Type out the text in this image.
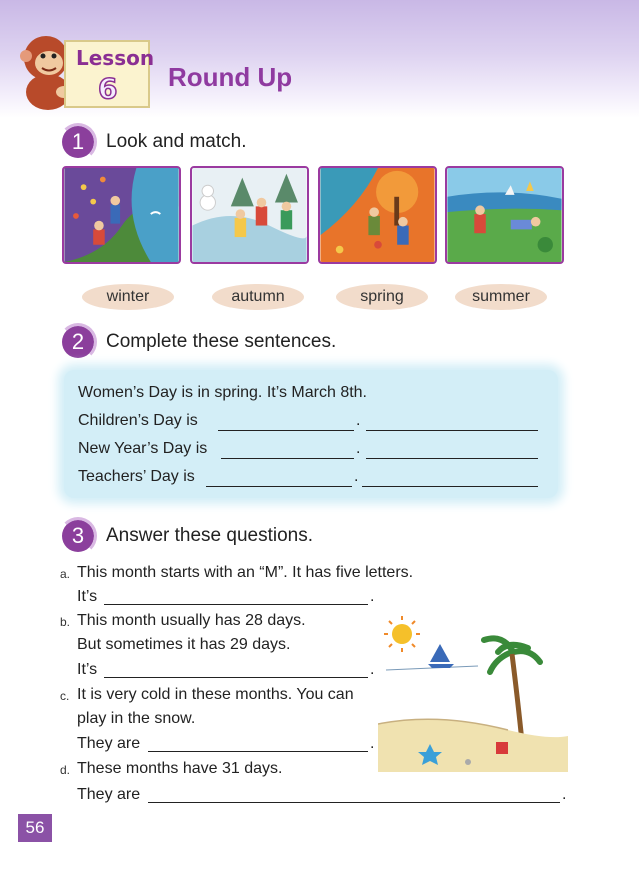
Lesson
6 Round Up
1	Look and match.
winter	autumn	spring	summer
2	Complete these sentences.
Women’s Day is in spring. It’s March 8th.
Children’s Day is	.
New Year’s Day is	.
Teachers’ Day is	.
3	Answer these questions.
a. This month starts with an “M”. It has five letters.
It’s	.
b. This month usually has 28 days.
But sometimes it has 29 days.
It’s	.
c. It is very cold in these months. You can
play in the snow.
They are	.
d. These months have 31 days.
They are	.
56
